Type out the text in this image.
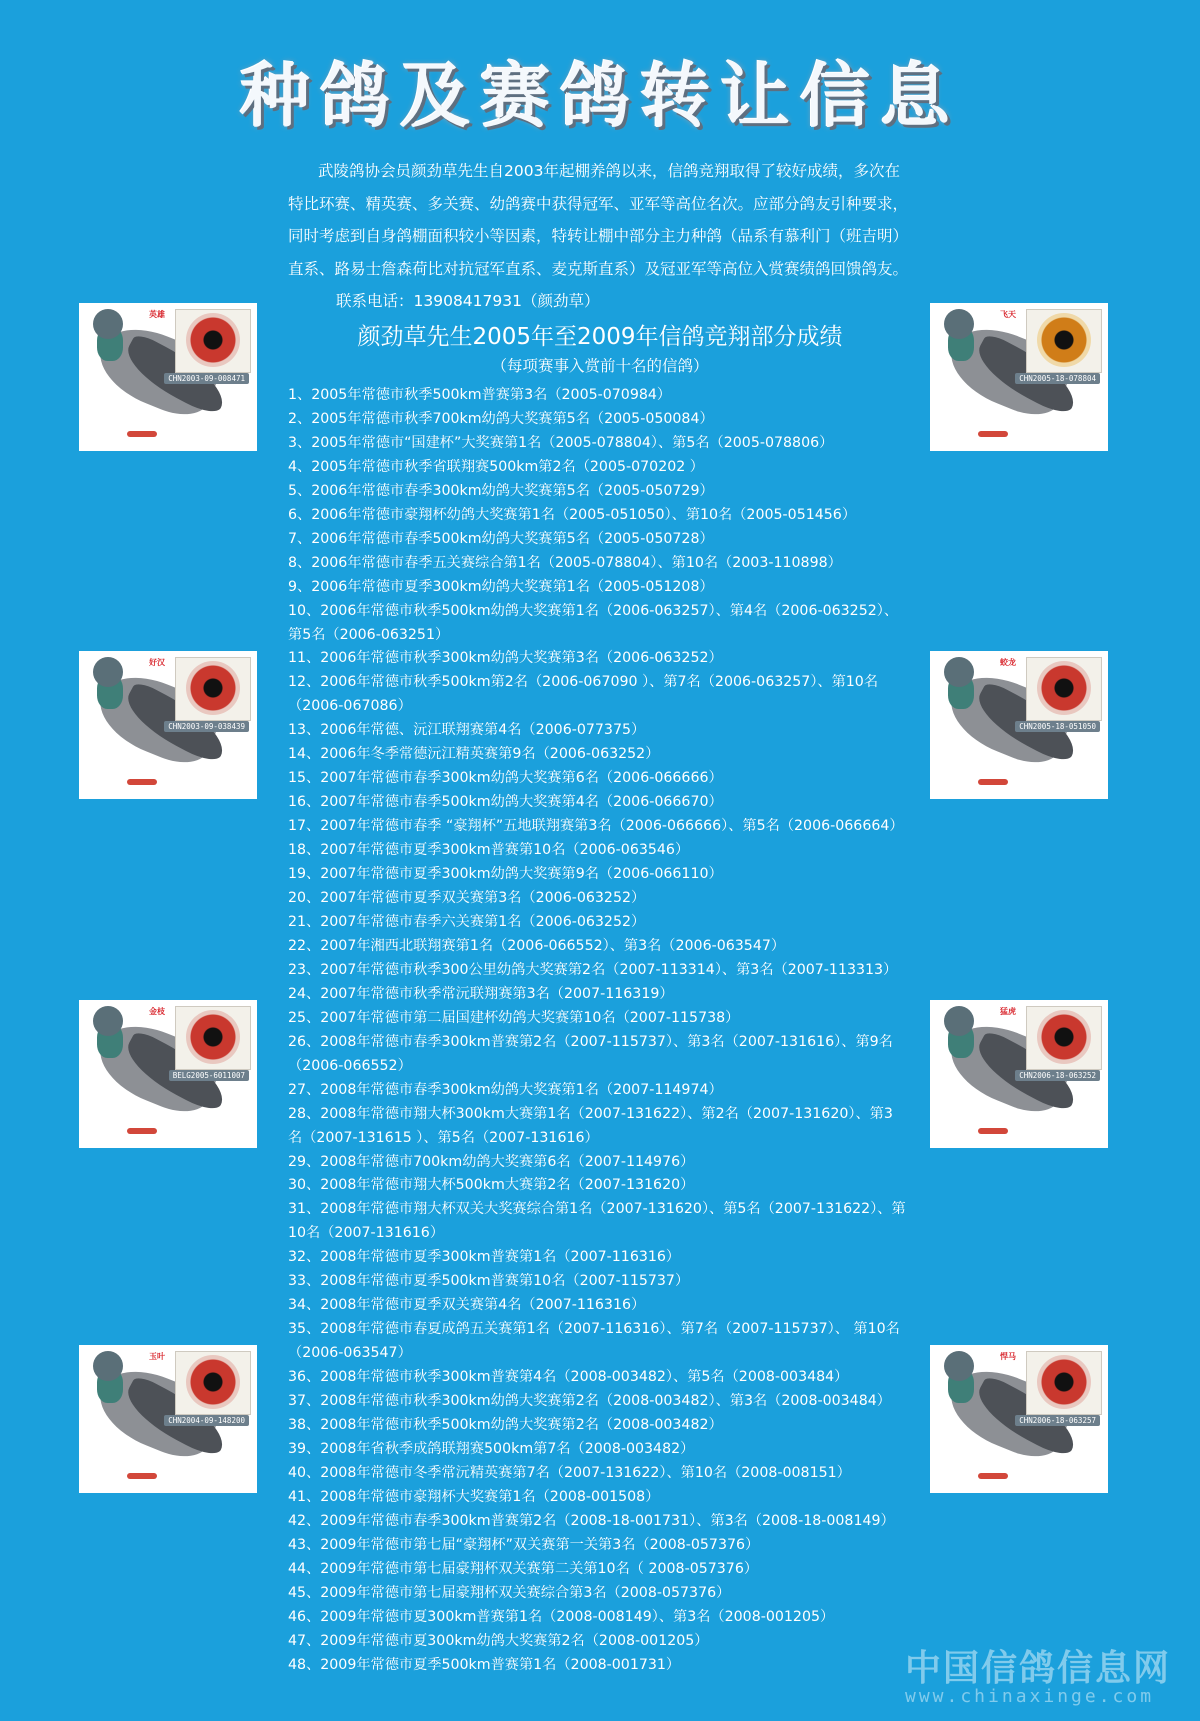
种鸽及赛鸽转让信息
武陵鸽协会员颜劲草先生自2003年起棚养鸽以来，信鸽竞翔取得了较好成绩，多次在特比环赛、精英赛、多关赛、幼鸽赛中获得冠军、亚军等高位名次。应部分鸽友引种要求，同时考虑到自身鸽棚面积较小等因素，特转让棚中部分主力种鸽（品系有慕利门（班吉明）直系、路易士詹森荷比对抗冠军直系、麦克斯直系）及冠亚军等高位入赏赛绩鸽回馈鸽友。联系电话：13908417931（颜劲草）
颜劲草先生2005年至2009年信鸽竞翔部分成绩
（每项赛事入赏前十名的信鸽）
1、2005年常德市秋季500km普赛第3名（2005-070984）
2、2005年常德市秋季700km幼鸽大奖赛第5名（2005-050084）
3、2005年常德市“国建杯”大奖赛第1名（2005-078804）、第5名（2005-078806）
4、2005年常德市秋季省联翔赛500km第2名（2005-070202 ）
5、2006年常德市春季300km幼鸽大奖赛第5名（2005-050729）
6、2006年常德市豪翔杯幼鸽大奖赛第1名（2005-051050）、第10名（2005-051456）
7、2006年常德市春季500km幼鸽大奖赛第5名（2005-050728）
8、2006年常德市春季五关赛综合第1名（2005-078804）、第10名（2003-110898）
9、2006年常德市夏季300km幼鸽大奖赛第1名（2005-051208）
10、2006年常德市秋季500km幼鸽大奖赛第1名（2006-063257）、第4名（2006-063252）、第5名（2006-063251）
11、2006年常德市秋季300km幼鸽大奖赛第3名（2006-063252）
12、2006年常德市秋季500km第2名（2006-067090 ）、第7名（2006-063257）、第10名（2006-067086）
13、2006年常德、沅江联翔赛第4名（2006-077375）
14、2006年冬季常德沅江精英赛第9名（2006-063252）
15、2007年常德市春季300km幼鸽大奖赛第6名（2006-066666）
16、2007年常德市春季500km幼鸽大奖赛第4名（2006-066670）
17、2007年常德市春季 “豪翔杯”五地联翔赛第3名（2006-066666）、第5名（2006-066664）
18、2007年常德市夏季300km普赛第10名（2006-063546）
19、2007年常德市夏季300km幼鸽大奖赛第9名（2006-066110）
20、2007年常德市夏季双关赛第3名（2006-063252）
21、2007年常德市春季六关赛第1名（2006-063252）
22、2007年湘西北联翔赛第1名（2006-066552）、第3名（2006-063547）
23、2007年常德市秋季300公里幼鸽大奖赛第2名（2007-113314）、第3名（2007-113313）
24、2007年常德市秋季常沅联翔赛第3名（2007-116319）
25、2007年常德市第二届国建杯幼鸽大奖赛第10名（2007-115738）
26、2008年常德市春季300km普赛第2名（2007-115737）、第3名（2007-131616）、第9名（2006-066552）
27、2008年常德市春季300km幼鸽大奖赛第1名（2007-114974）
28、2008年常德市翔大杯300km大赛第1名（2007-131622）、第2名（2007-131620）、第3名（2007-131615 ）、第5名（2007-131616）
29、2008年常德市700km幼鸽大奖赛第6名（2007-114976）
30、2008年常德市翔大杯500km大赛第2名（2007-131620）
31、2008年常德市翔大杯双关大奖赛综合第1名（2007-131620）、第5名（2007-131622）、第10名（2007-131616）
32、2008年常德市夏季300km普赛第1名（2007-116316）
33、2008年常德市夏季500km普赛第10名（2007-115737）
34、2008年常德市夏季双关赛第4名（2007-116316）
35、2008年常德市春夏成鸽五关赛第1名（2007-116316）、第7名（2007-115737）、 第10名（2006-063547）
36、2008年常德市秋季300km普赛第4名（2008-003482）、第5名（2008-003484）
37、2008年常德市秋季300km幼鸽大奖赛第2名（2008-003482）、第3名（2008-003484）
38、2008年常德市秋季500km幼鸽大奖赛第2名（2008-003482）
39、2008年省秋季成鸽联翔赛500km第7名（2008-003482）
40、2008年常德市冬季常沅精英赛第7名（2007-131622）、第10名（2008-008151）
41、2008年常德市豪翔杯大奖赛第1名（2008-001508）
42、2009年常德市春季300km普赛第2名（2008-18-001731）、第3名（2008-18-008149）
43、2009年常德市第七届“豪翔杯”双关赛第一关第3名（2008-057376）
44、2009年常德市第七届豪翔杯双关赛第二关第10名（ 2008-057376）
45、2009年常德市第七届豪翔杯双关赛综合第3名（2008-057376）
46、2009年常德市夏300km普赛第1名（2008-008149）、第3名（2008-001205）
47、2009年常德市夏300km幼鸽大奖赛第2名（2008-001205）
48、2009年常德市夏季500km普赛第1名（2008-001731）
英雄
CHN2003-09-008471
好汉
CHN2003-09-038439
金枝
BELG2005-6011007
玉叶
CHN2004-09-148200
飞天
CHN2005-18-078804
蛟龙
CHN2005-18-051050
猛虎
CHN2006-18-063252
悍马
CHN2006-18-063257
中国信鸽信息网
www.chinaxinge.com
